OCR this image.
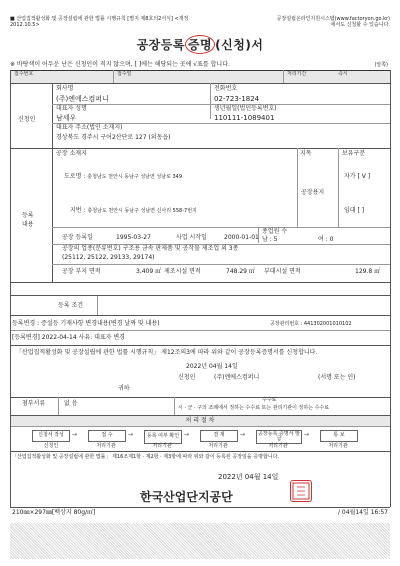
■ 산업집적활성화 및 공장설립에 관한 법률 시행규칙 [별지 제8호의2서식] <개정
2012.10.5>
공장설립온라인지원시스템(www.factoryon.go.kr)
에서도 신청할 수 있습니다.
공장등록 증명 (신청)서
※ 바탕색이 어두운 난은 신청인이 적지 않으며, [ ]에는 해당되는 곳에 √표를 합니다.	(앞쪽)
접수번호	접수일	처리기간	즉시
신청인
회사명
(주)엔에스컴퍼니
전화번호
02-723-1824
대표자 성명
남세우
생년월일(법인등록번호)
110111-1089401
대표자 주소(법인 소재지)
경상북도 경주시 구어2산단로 127 (외동읍)
등록
내용
공장 소재지
도로명 : 충청남도 천안시 동남구 성남면 성남로 349
지번 : 충청남도 천안시 동남구 성남면 신사리 558-7번지
지목
공장용지
보유구분
자가 [ V ]
임대 [ ]
공장 등록일	1995-03-27	사업 시작일	2000-01-01
종업원 수
남 : 5	여 : 0
공장의 업종(분류번호) 구조용 금속 판제품 및 공작물 제조업 외 3종
(25112, 25122, 29133, 29174)
공장 부지 면적	3,409 ㎡ 제조시설 면적	748.29 ㎡ 부대시설 면적	129.8 ㎡
등록 조건
등록변경 : 증설등 기재사항 변경내용(변경 날짜 및 내용)	공장관리번호 : 441302001010102
[등록변경] 2022-04-14 사유: 대표자 변경
「산업집적활성화 및 공장설립에 관한 법률 시행규칙」 제12조의3에 따라 위와 같이 공장등록증명서를 신청합니다.
2022년 04월 14일
신청인	(주)엔에스컴퍼니	(서명 또는 인)
귀하
첨부서류	없 음	수수료
시 · 군 · 구의 조례에서 정하는 수수료 또는 관리기관이 정하는 수수료
처 리 절 차
신청서 작성 →	접 수	→	등록 여부 확인 →	결 재	→	공장등록 증명서 발급
→	통 보
신청인	처리기관	처리기관	처리기관	처리기관	처리기관
「산업집적활성화 및 공장설립에 관한 법률」 제16조제1항 · 제2항 · 제3항에 따라 위와 같이 등록된 공장임을 증명합니다.
2022년 04월 14일
한국산업단지공단
210㎜×297㎜[백상지 80g/㎡]	/ 04월14일 16:57
